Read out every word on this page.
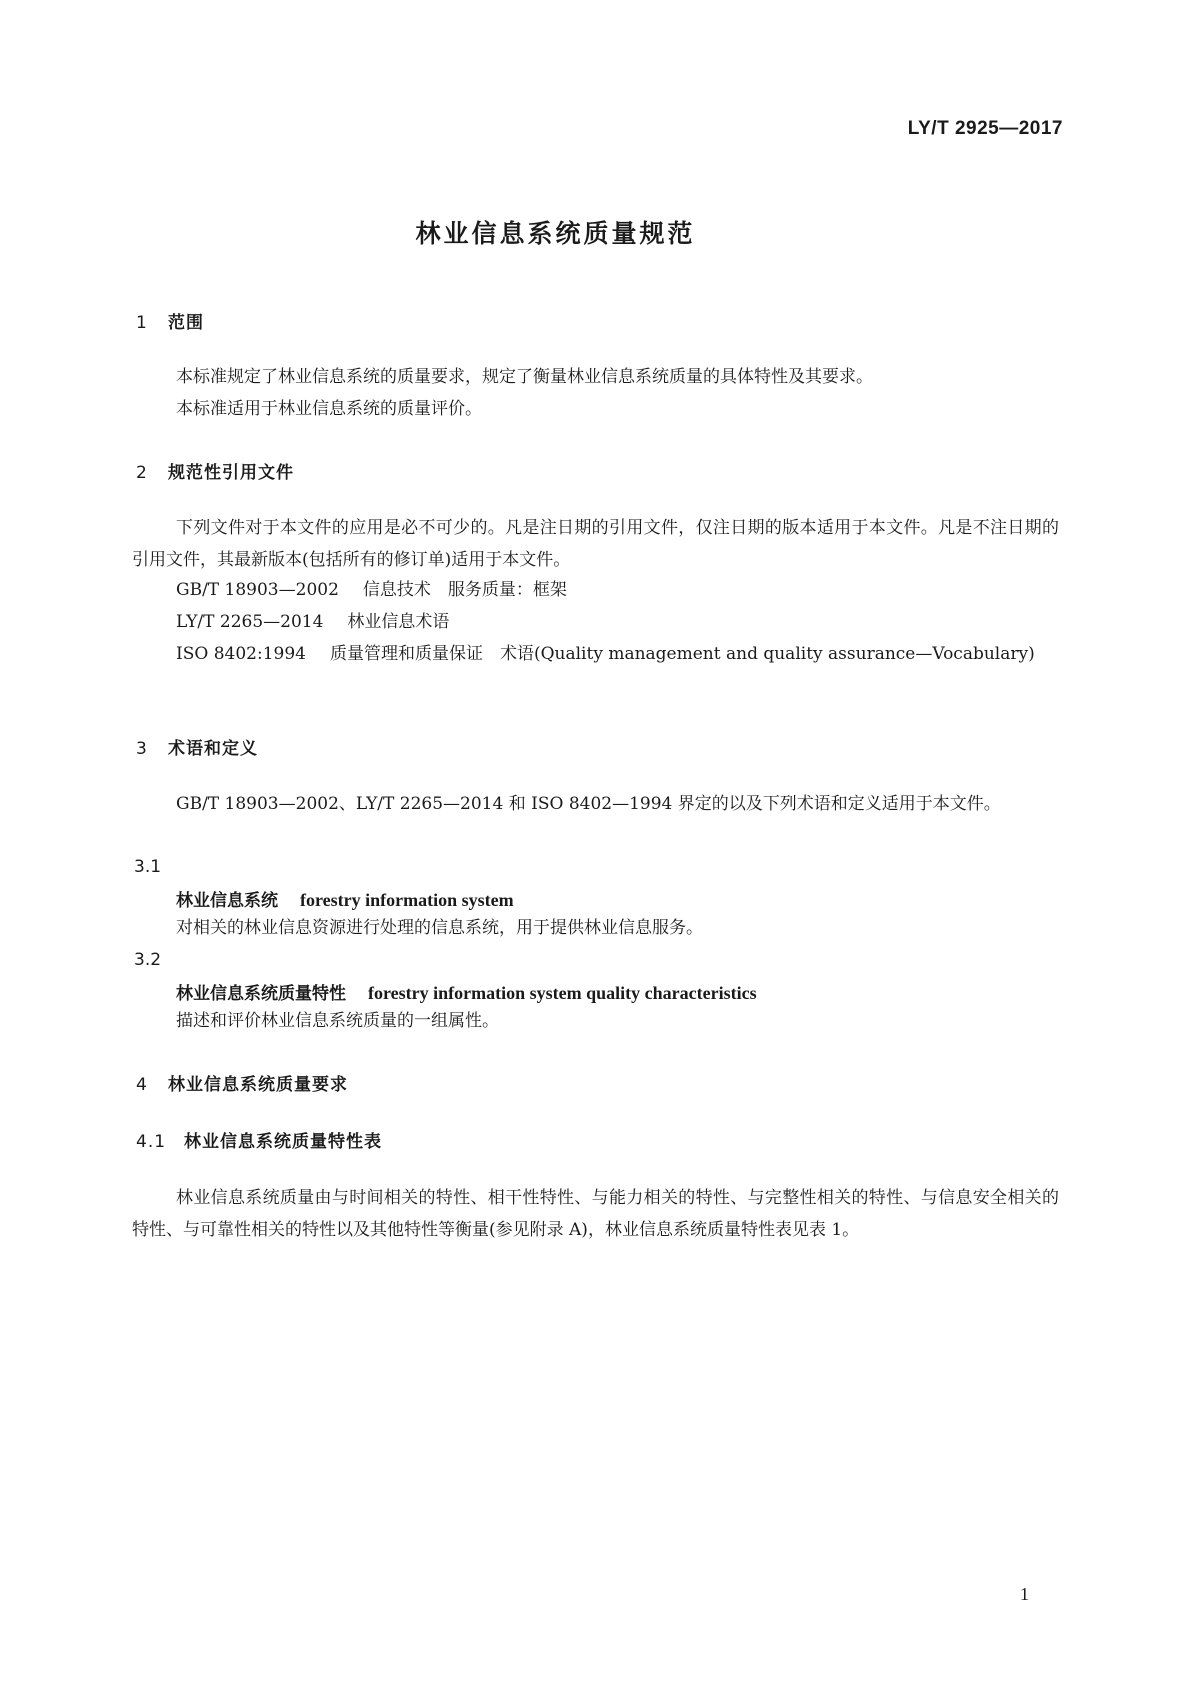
LY/T 2925—2017
林业信息系统质量规范
1 范围

本标准规定了林业信息系统的质量要求，规定了衡量林业信息系统质量的具体特性及其要求。

本标准适用于林业信息系统的质量评价。

2 规范性引用文件

下列文件对于本文件的应用是必不可少的。凡是注日期的引用文件，仅注日期的版本适用于本文件。凡是不注日期的引用文件，其最新版本(包括所有的修订单)适用于本文件。

GB/T 18903—2002 信息技术　服务质量：框架
LY/T 2265—2014 林业信息术语

ISO 8402:1994 质量管理和质量保证　术语(Quality management and quality assurance—Vocabulary)

3 术语和定义

GB/T 18903—2002、LY/T 2265—2014 和 ISO 8402—1994 界定的以及下列术语和定义适用于本文件。

3.1
林业信息系统 forestry information system
对相关的林业信息资源进行处理的信息系统，用于提供林业信息服务。
3.2
林业信息系统质量特性 forestry information system quality characteristics
描述和评价林业信息系统质量的一组属性。
4 林业信息系统质量要求
4.1 林业信息系统质量特性表

林业信息系统质量由与时间相关的特性、相干性特性、与能力相关的特性、与完整性相关的特性、与信息安全相关的特性、与可靠性相关的特性以及其他特性等衡量(参见附录 A)，林业信息系统质量特性表见表 1。

1
